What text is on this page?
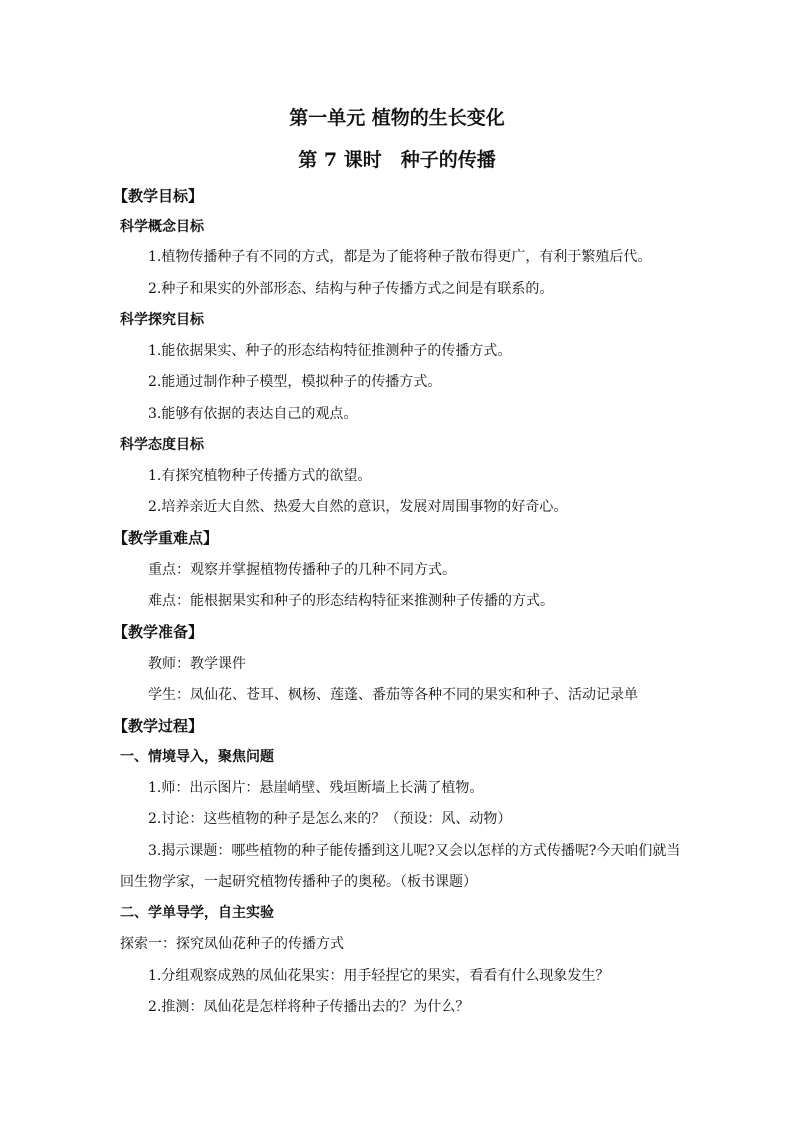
第一单元 植物的生长变化
第 7 课时　种子的传播
【教学目标】
科学概念目标
1.植物传播种子有不同的方式，都是为了能将种子散布得更广，有利于繁殖后代。
2.种子和果实的外部形态、结构与种子传播方式之间是有联系的。
科学探究目标
1.能依据果实、种子的形态结构特征推测种子的传播方式。
2.能通过制作种子模型，模拟种子的传播方式。
3.能够有依据的表达自己的观点。
科学态度目标
1.有探究植物种子传播方式的欲望。
2.培养亲近大自然、热爱大自然的意识，发展对周围事物的好奇心。
【教学重难点】
重点：观察并掌握植物传播种子的几种不同方式。
难点：能根据果实和种子的形态结构特征来推测种子传播的方式。
【教学准备】
教师：教学课件
学生：凤仙花、苍耳、枫杨、莲蓬、番茄等各种不同的果实和种子、活动记录单
【教学过程】
一、情境导入，聚焦问题
1.师：出示图片：悬崖峭壁、残垣断墙上长满了植物。
2.讨论：这些植物的种子是怎么来的？（预设：风、动物）
3.揭示课题：哪些植物的种子能传播到这儿呢?又会以怎样的方式传播呢?今天咱们就当
回生物学家，一起研究植物传播种子的奥秘。（板书课题）
二、学单导学，自主实验
探索一：探究凤仙花种子的传播方式
1.分组观察成熟的凤仙花果实：用手轻捏它的果实，看看有什么现象发生？
2.推测：凤仙花是怎样将种子传播出去的？为什么？
